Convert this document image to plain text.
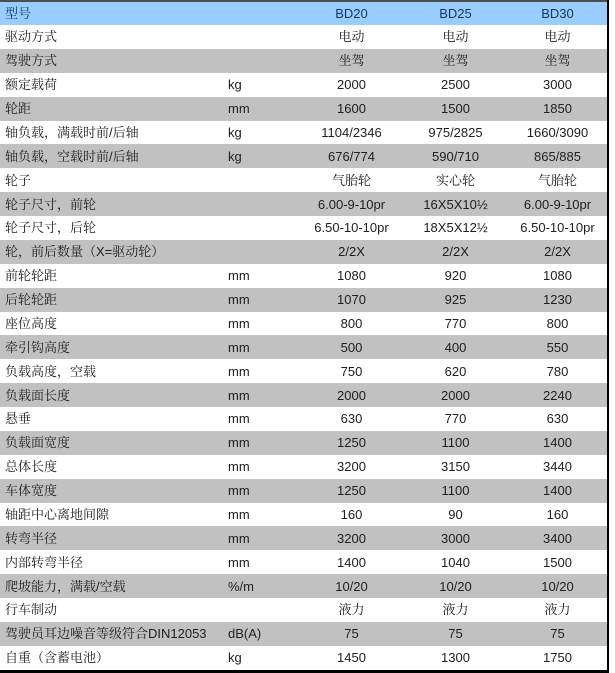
型号		BD20	BD25	BD30
驱动方式		电动	电动	电动
驾驶方式		坐驾	坐驾	坐驾
额定载荷	kg	2000	2500	3000
轮距	mm	1600	1500	1850
轴负载，满载时前/后轴	kg	1104/2346	975/2825	1660/3090
轴负载，空载时前/后轴	kg	676/774	590/710	865/885
轮子		气胎轮	实心轮	气胎轮
轮子尺寸，前轮		6.00-9-10pr	16X5X10½	6.00-9-10pr
轮子尺寸，后轮		6.50-10-10pr	18X5X12½	6.50-10-10pr
轮，前后数量（X=驱动轮）		2/2X	2/2X	2/2X
前轮轮距	mm	1080	920	1080
后轮轮距	mm	1070	925	1230
座位高度	mm	800	770	800
牵引钩高度	mm	500	400	550
负载高度，空载	mm	750	620	780
负载面长度	mm	2000	2000	2240
悬垂	mm	630	770	630
负载面宽度	mm	1250	1100	1400
总体长度	mm	3200	3150	3440
车体宽度	mm	1250	1100	1400
轴距中心离地间隙	mm	160	90	160
转弯半径	mm	3200	3000	3400
内部转弯半径	mm	1400	1040	1500
爬坡能力，满载/空载	%/m	10/20	10/20	10/20
行车制动		液力	液力	液力
驾驶员耳边噪音等级符合DIN12053	dB(A)	75	75	75
自重（含蓄电池）	kg	1450	1300	1750
